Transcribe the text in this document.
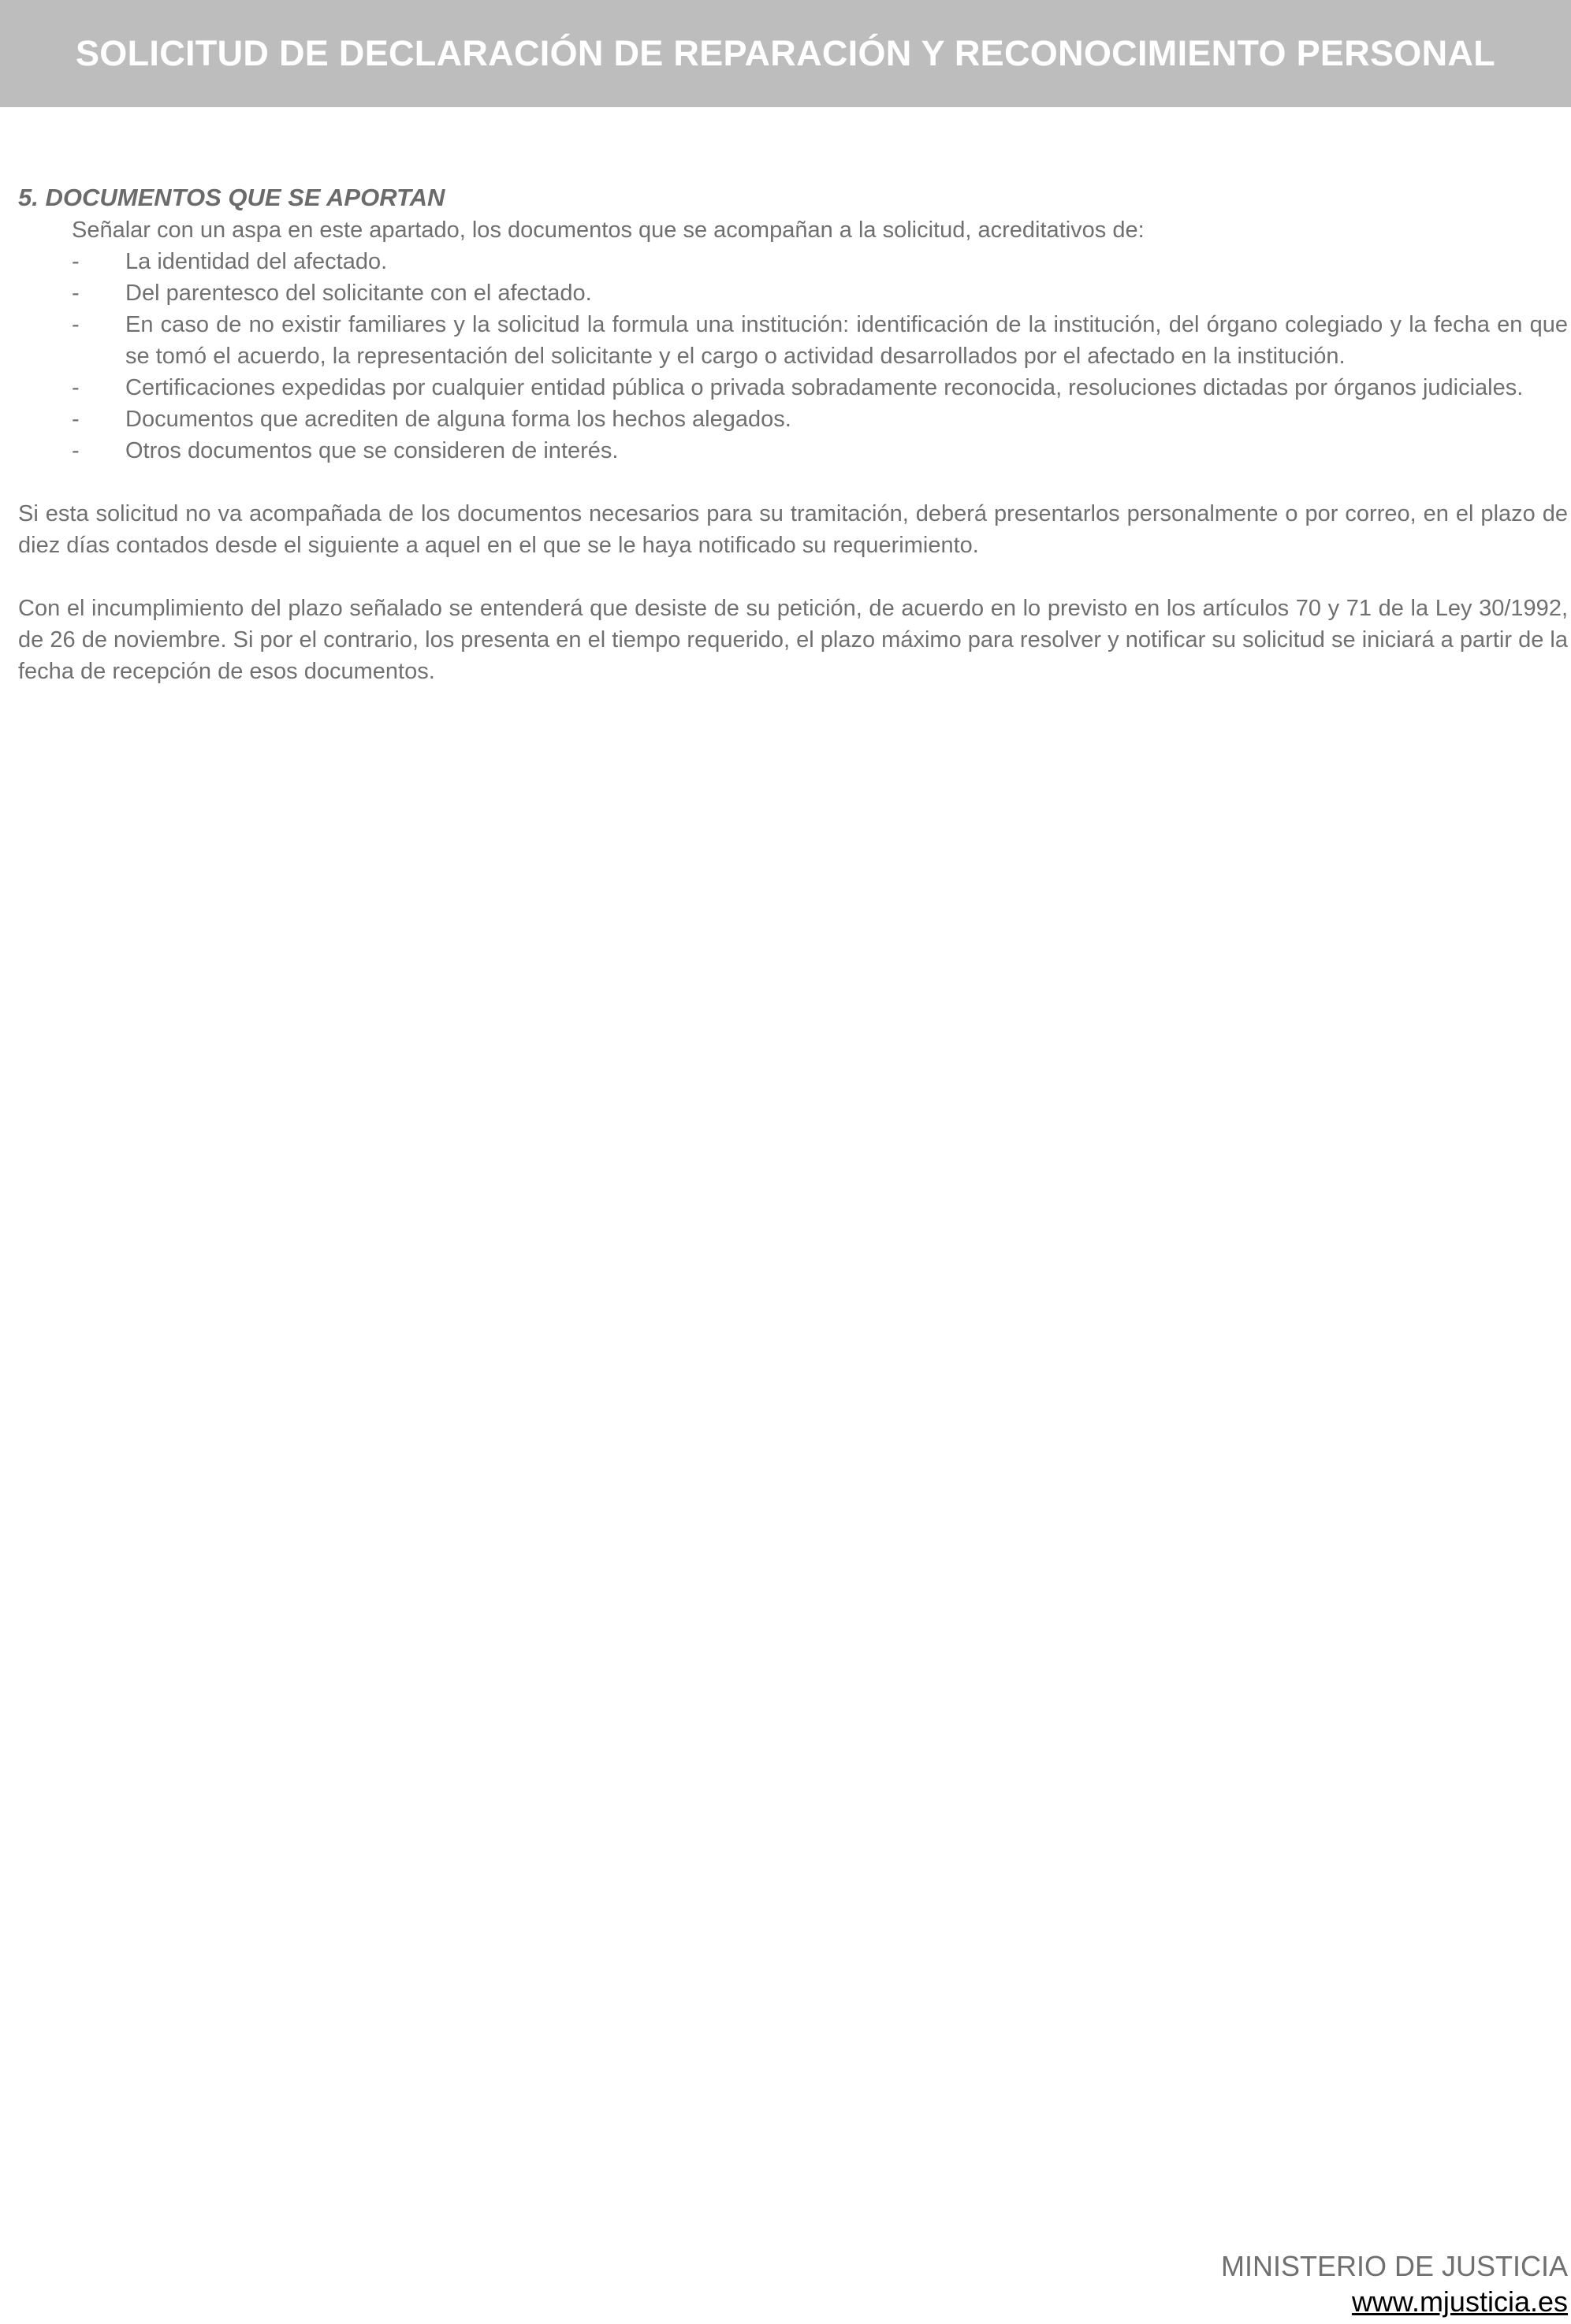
SOLICITUD DE DECLARACIÓN DE REPARACIÓN Y RECONOCIMIENTO PERSONAL
5. DOCUMENTOS QUE SE APORTAN

Señalar con un aspa en este apartado, los documentos que se acompañan a la solicitud, acreditativos de:

- La identidad del afectado.
- Del parentesco del solicitante con el afectado.
- En caso de no existir familiares y la solicitud la formula una institución: identificación de la institución, del órgano colegiado y la fecha en que se tomó el acuerdo, la representación del solicitante y el cargo o actividad desarrollados por el afectado en la institución.
- Certificaciones expedidas por cualquier entidad pública o privada sobradamente reconocida, resoluciones dictadas por órganos judiciales.
- Documentos que acrediten de alguna forma los hechos alegados.
- Otros documentos que se consideren de interés.

Si esta solicitud no va acompañada de los documentos necesarios para su tramitación, deberá presentarlos personalmente o por correo, en el plazo de diez días contados desde el siguiente a aquel en el que se le haya notificado su requerimiento.

Con el incumplimiento del plazo señalado se entenderá que desiste de su petición, de acuerdo en lo previsto en los artículos 70 y 71 de la Ley 30/1992, de 26 de noviembre. Si por el contrario, los presenta en el tiempo requerido, el plazo máximo para resolver y notificar su solicitud se iniciará a partir de la fecha de recepción de esos documentos.

MINISTERIO DE JUSTICIA
www.mjusticia.es
